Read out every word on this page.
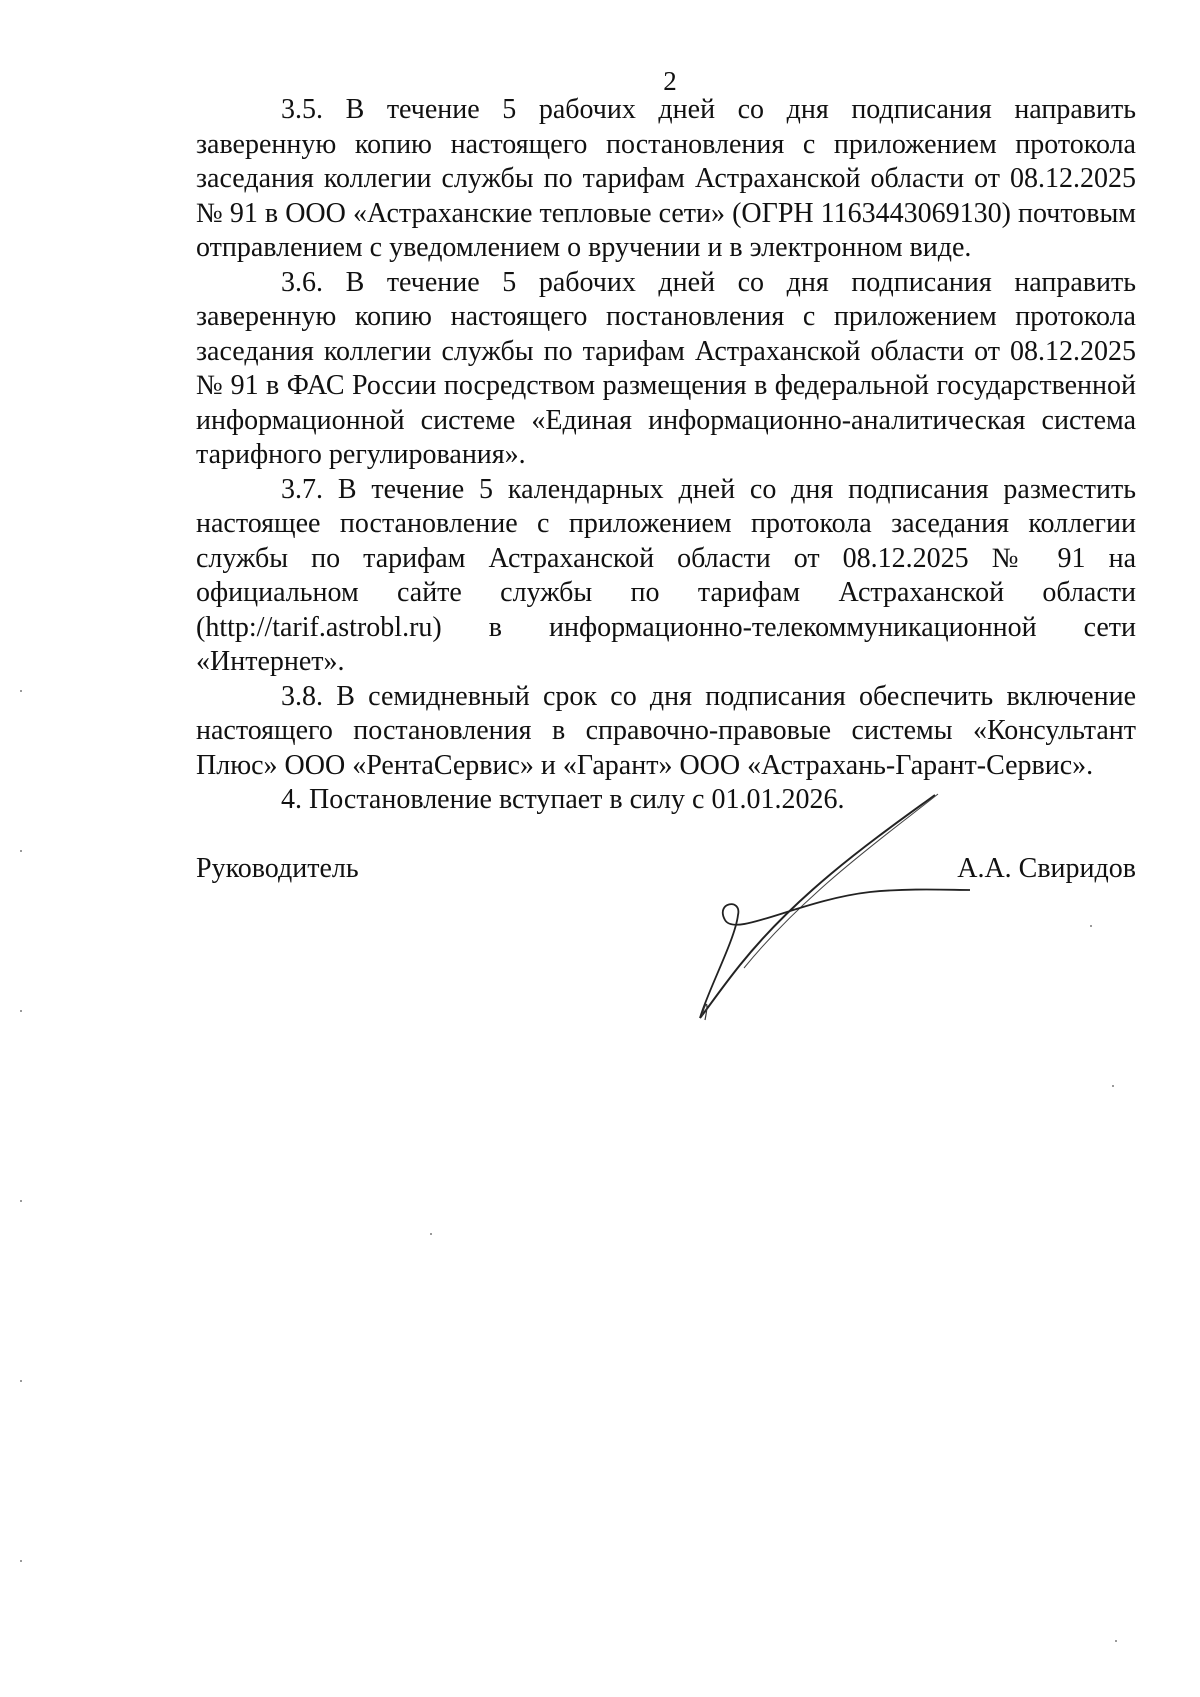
2

3.5. В течение 5 рабочих дней со дня подписания направить заверенную копию настоящего постановления с приложением протокола заседания коллегии службы по тарифам Астраханской области от 08.12.2025 № 91 в ООО «Астраханские тепловые сети» (ОГРН 1163443069130) почтовым отправлением с уведомлением о вручении и в электронном виде.

3.6. В течение 5 рабочих дней со дня подписания направить заверенную копию настоящего постановления с приложением протокола заседания коллегии службы по тарифам Астраханской области от 08.12.2025 № 91 в ФАС России посредством размещения в федеральной государственной информационной системе «Единая информационно-аналитическая система тарифного регулирования».

3.7. В течение 5 календарных дней со дня подписания разместить настоящее постановление с приложением протокола заседания коллегии службы по тарифам Астраханской области от 08.12.2025 № 91 на официальном сайте службы по тарифам Астраханской области (http://tarif.astrobl.ru) в информационно-телекоммуникационной сети «Интернет».

3.8. В семидневный срок со дня подписания обеспечить включение настоящего постановления в справочно-правовые системы «Консультант Плюс» ООО «РентаСервис» и «Гарант» ООО «Астрахань-Гарант-Сервис».

4. Постановление вступает в силу с 01.01.2026.

Руководитель	А.А. Свиридов
